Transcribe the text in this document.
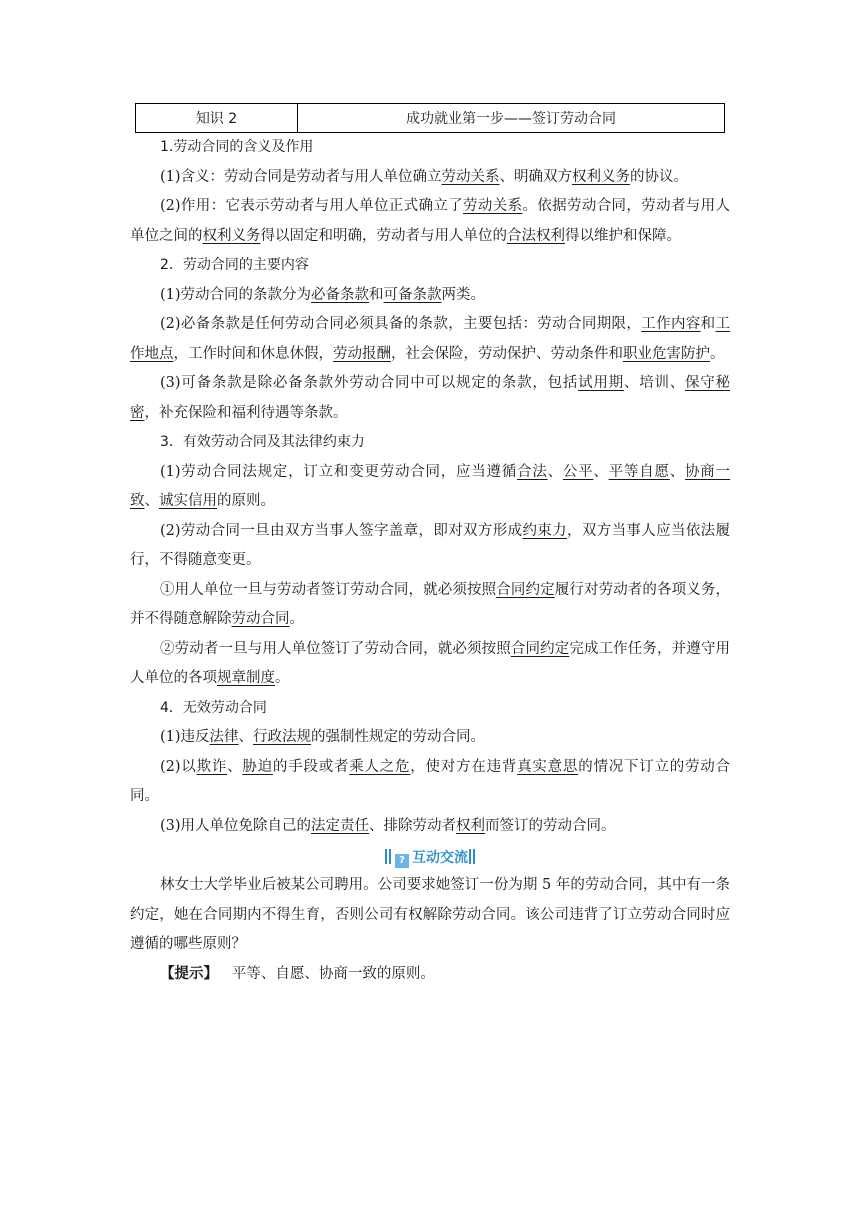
知识 2	成功就业第一步——签订劳动合同

1.劳动合同的含义及作用

(1)含义：劳动合同是劳动者与用人单位确立劳动关系、明确双方权利义务的协议。

(2)作用：它表示劳动者与用人单位正式确立了劳动关系。依据劳动合同，劳动者与用人单位之间的权利义务得以固定和明确，劳动者与用人单位的合法权利得以维护和保障。

2．劳动合同的主要内容

(1)劳动合同的条款分为必备条款和可备条款两类。

(2)必备条款是任何劳动合同必须具备的条款，主要包括：劳动合同期限，工作内容和工作地点，工作时间和休息休假，劳动报酬，社会保险，劳动保护、劳动条件和职业危害防护。

(3)可备条款是除必备条款外劳动合同中可以规定的条款，包括试用期、培训、保守秘密，补充保险和福利待遇等条款。

3．有效劳动合同及其法律约束力

(1)劳动合同法规定，订立和变更劳动合同，应当遵循合法、公平、平等自愿、协商一致、诚实信用的原则。

(2)劳动合同一旦由双方当事人签字盖章，即对双方形成约束力，双方当事人应当依法履行，不得随意变更。

①用人单位一旦与劳动者签订劳动合同，就必须按照合同约定履行对劳动者的各项义务，并不得随意解除劳动合同。

②劳动者一旦与用人单位签订了劳动合同，就必须按照合同约定完成工作任务，并遵守用人单位的各项规章制度。

4．无效劳动合同

(1)违反法律、行政法规的强制性规定的劳动合同。

(2)以欺诈、胁迫的手段或者乘人之危，使对方在违背真实意思的情况下订立的劳动合同。

(3)用人单位免除自己的法定责任、排除劳动者权利而签订的劳动合同。

? 互动交流

林女士大学毕业后被某公司聘用。公司要求她签订一份为期 5 年的劳动合同，其中有一条约定，她在合同期内不得生育，否则公司有权解除劳动合同。该公司违背了订立劳动合同时应遵循的哪些原则？

【提示】 平等、自愿、协商一致的原则。
